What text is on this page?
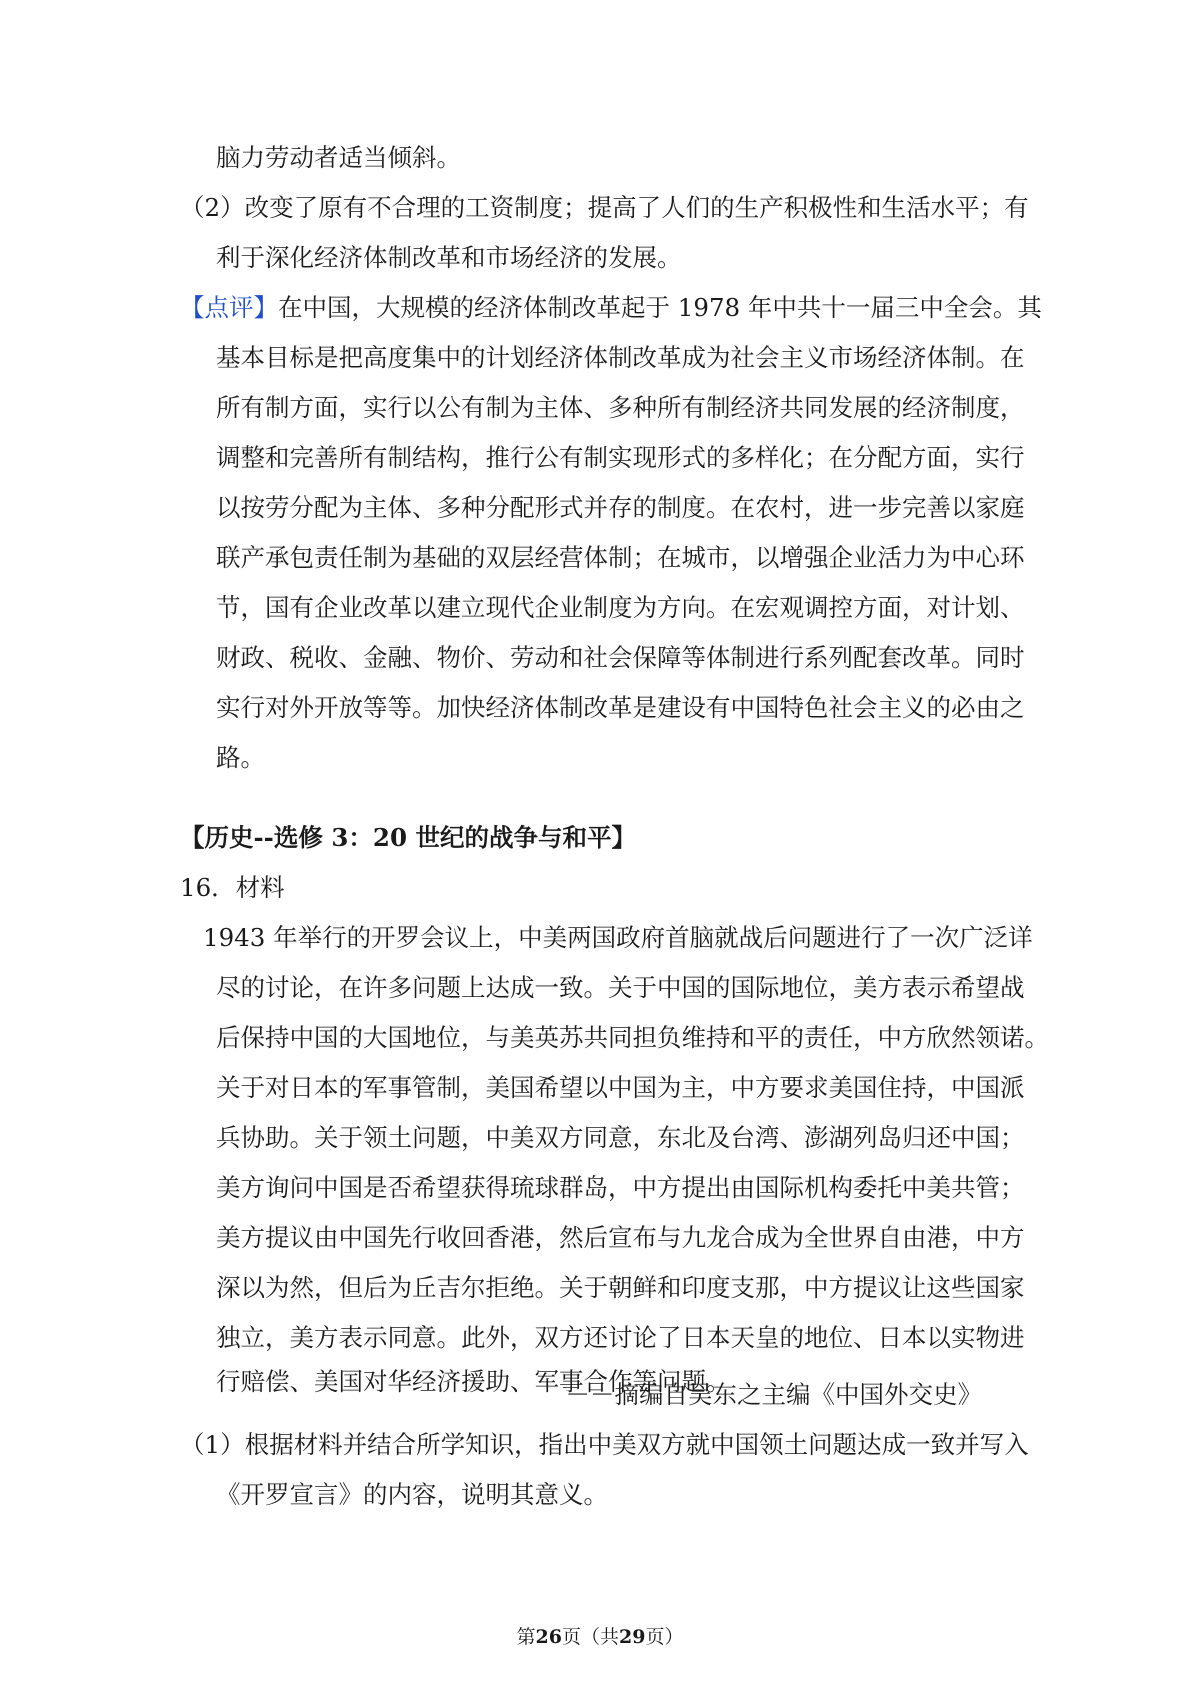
脑力劳动者适当倾斜。
（2）改变了原有不合理的工资制度；提高了人们的生产积极性和生活水平；有
利于深化经济体制改革和市场经济的发展。
【点评】在中国，大规模的经济体制改革起于 1978 年中共十一届三中全会。其
基本目标是把高度集中的计划经济体制改革成为社会主义市场经济体制。在
所有制方面，实行以公有制为主体、多种所有制经济共同发展的经济制度，
调整和完善所有制结构，推行公有制实现形式的多样化；在分配方面，实行
以按劳分配为主体、多种分配形式并存的制度。在农村，进一步完善以家庭
联产承包责任制为基础的双层经营体制；在城市，以增强企业活力为中心环
节，国有企业改革以建立现代企业制度为方向。在宏观调控方面，对计划、
财政、税收、金融、物价、劳动和社会保障等体制进行系列配套改革。同时
实行对外开放等等。加快经济体制改革是建设有中国特色社会主义的必由之
路。
【历史--选修 3：20 世纪的战争与和平】
16．材料
1943 年举行的开罗会议上，中美两国政府首脑就战后问题进行了一次广泛详
尽的讨论，在许多问题上达成一致。关于中国的国际地位，美方表示希望战
后保持中国的大国地位，与美英苏共同担负维持和平的责任，中方欣然领诺。
关于对日本的军事管制，美国希望以中国为主，中方要求美国住持，中国派
兵协助。关于领土问题，中美双方同意，东北及台湾、澎湖列岛归还中国；
美方询问中国是否希望获得琉球群岛，中方提出由国际机构委托中美共管；
美方提议由中国先行收回香港，然后宣布与九龙合成为全世界自由港，中方
深以为然，但后为丘吉尔拒绝。关于朝鲜和印度支那，中方提议让这些国家
独立，美方表示同意。此外，双方还讨论了日本天皇的地位、日本以实物进
行赔偿、美国对华经济援助、军事合作等问题。
－－摘编自吴东之主编《中国外交史》
（1）根据材料并结合所学知识，指出中美双方就中国领土问题达成一致并写入
《开罗宣言》的内容，说明其意义。
第26页（共29页）
